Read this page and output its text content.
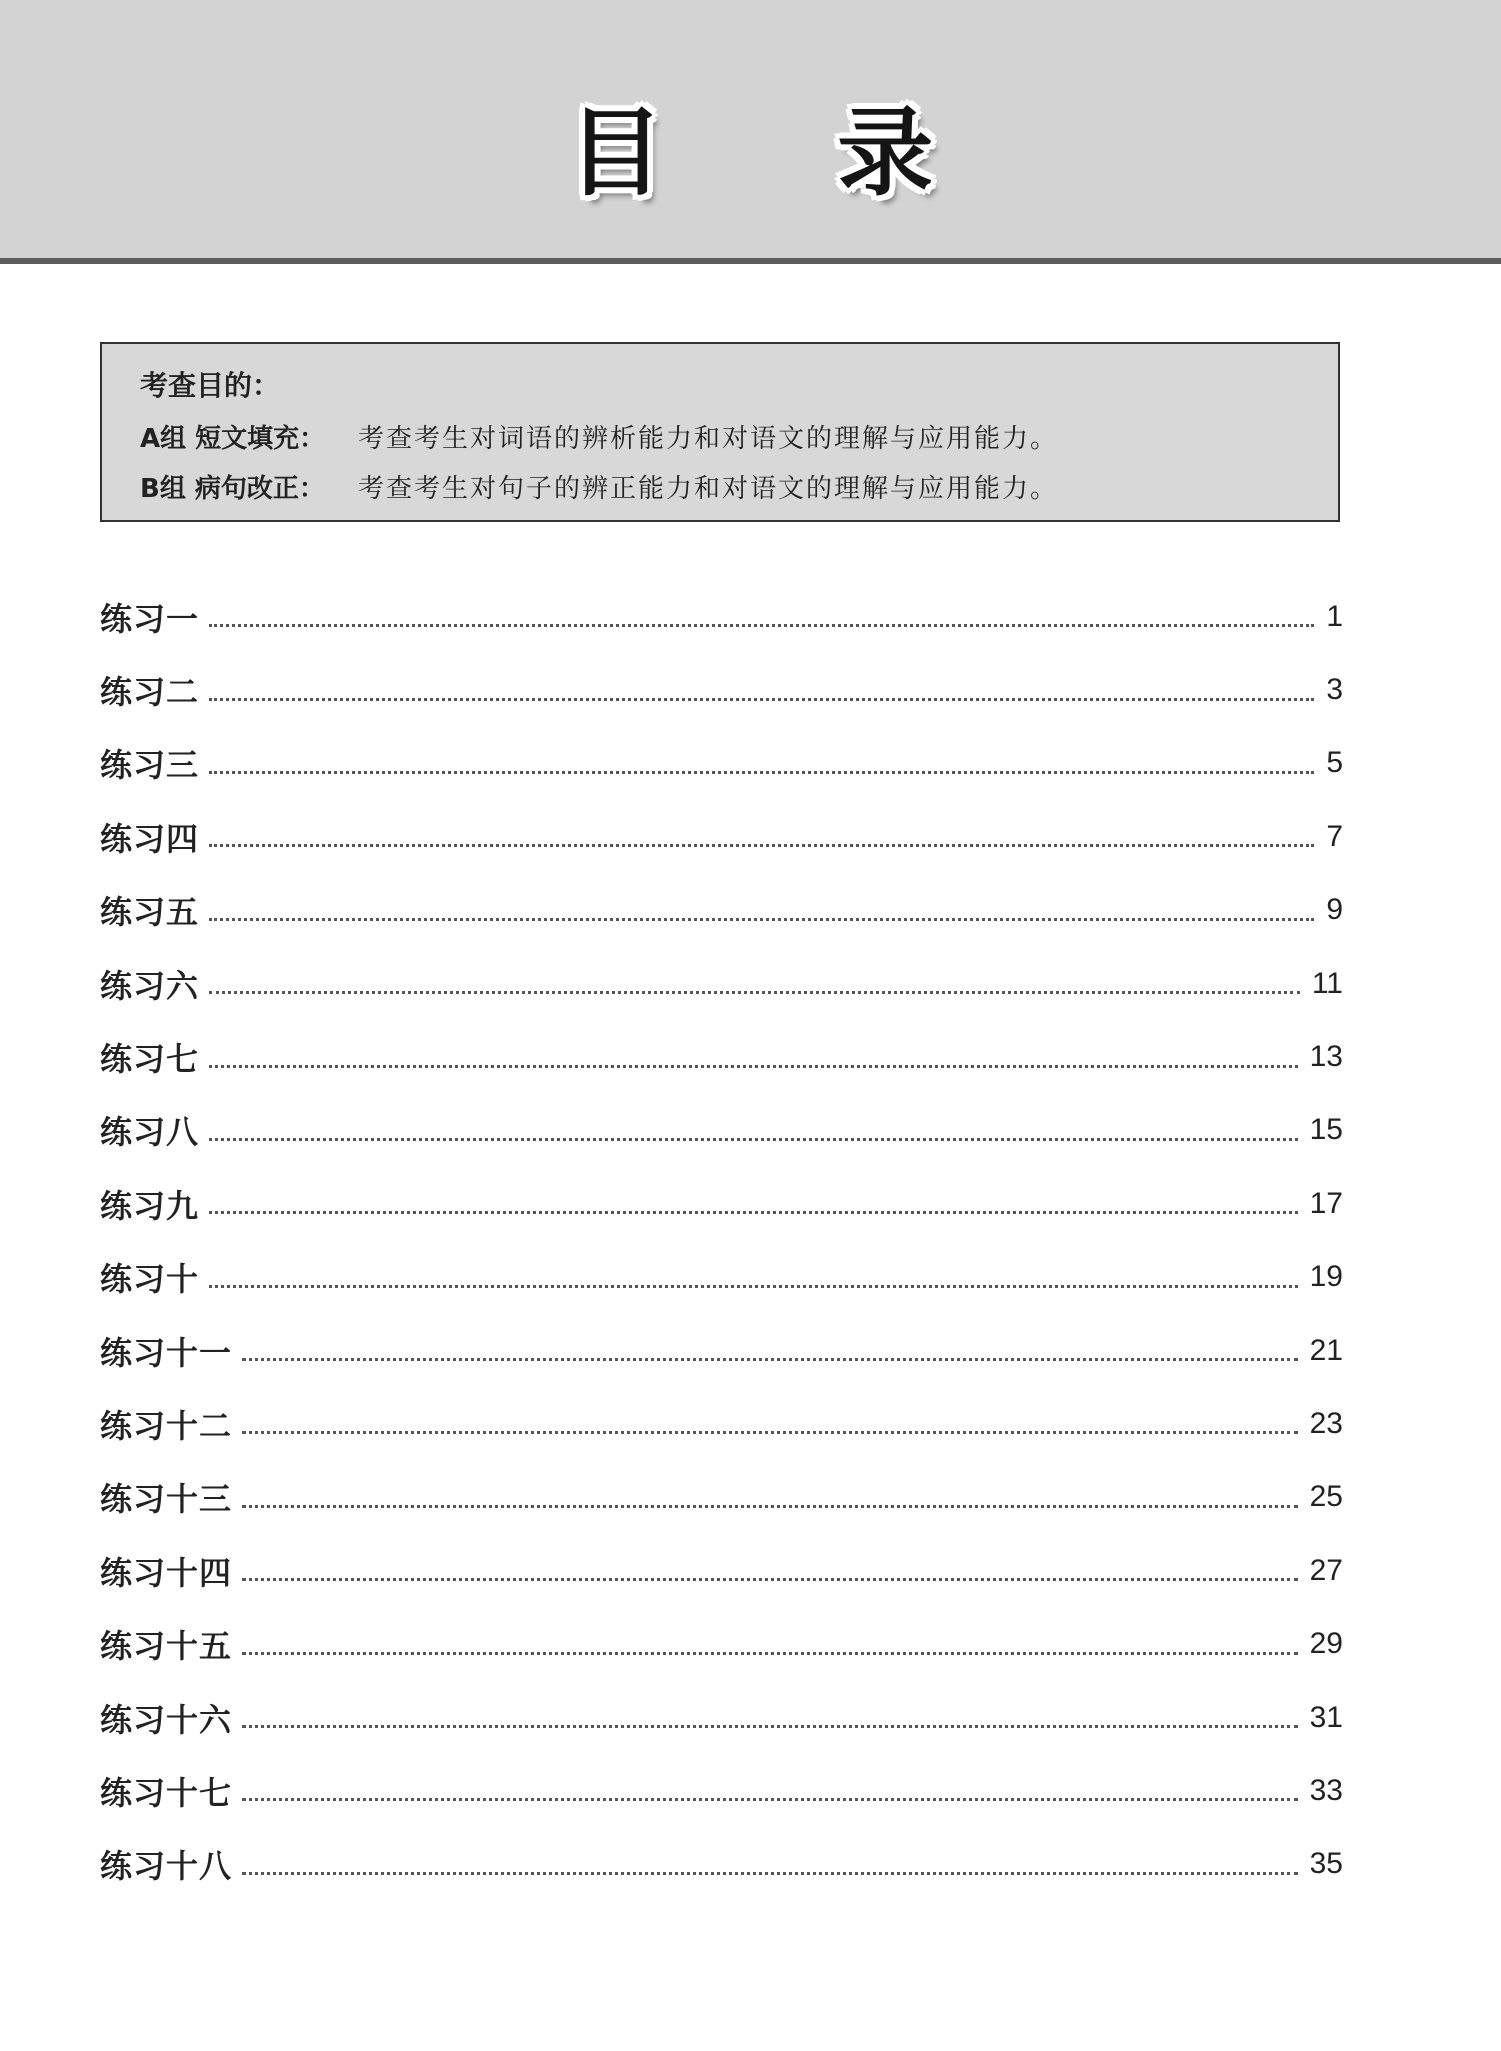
目 录
考查目的：
A组 短文填充： 考查考生对词语的辨析能力和对语文的理解与应用能力。
B组 病句改正： 考查考生对句子的辨正能力和对语文的理解与应用能力。
练习一	1
练习二	3
练习三	5
练习四	7
练习五	9
练习六	11
练习七	13
练习八	15
练习九	17
练习十	19
练习十一	21
练习十二	23
练习十三	25
练习十四	27
练习十五	29
练习十六	31
练习十七	33
练习十八	35
